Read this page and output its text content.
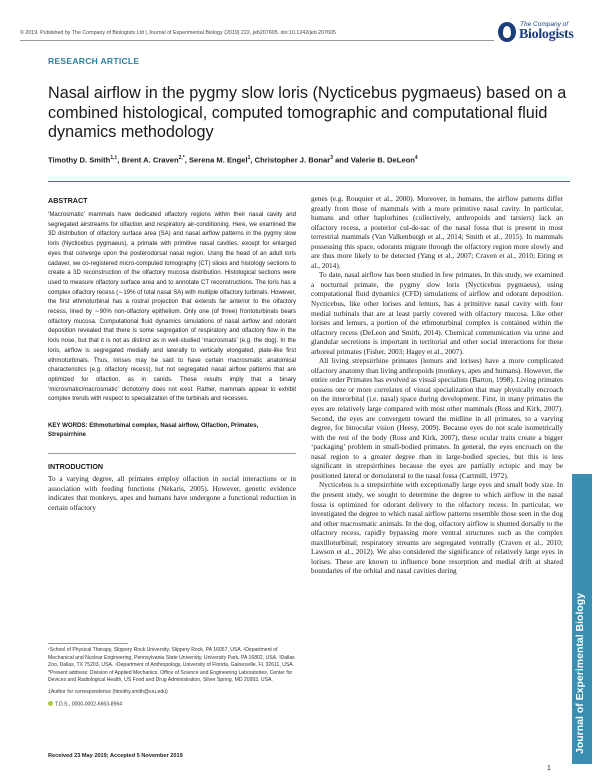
© 2019. Published by The Company of Biologists Ltd | Journal of Experimental Biology (2019) 222, jeb207605. doi:10.1242/jeb.207605
The Company of
Biologists
RESEARCH ARTICLE
Nasal airflow in the pygmy slow loris (Nycticebus pygmaeus) based on a combined histological, computed tomographic and computational fluid dynamics methodology
Timothy D. Smith$^{1,\ddagger}$, Brent A. Craven$^{2,*}$, Serena M. Engel$^1$, Christopher J. Bonar$^3$ and Valerie B. DeLeon$^4$
ABSTRACT

‘Macrosmatic’ mammals have dedicated olfactory regions within their nasal cavity and segregated airstreams for olfaction and respiratory air-conditioning. Here, we examined the 3D distribution of olfactory surface area (SA) and nasal airflow patterns in the pygmy slow loris (Nycticebus pygmaeus), a primate with primitive nasal cavities, except for enlarged eyes that converge upon the posterodorsal nasal region. Using the head of an adult loris cadaver, we co-registered micro-computed tomography (CT) slices and histology sections to create a 3D reconstruction of the olfactory mucosa distribution. Histological sections were used to measure olfactory surface area and to annotate CT reconstructions. The loris has a complex olfactory recess (∼19% of total nasal SA) with multiple olfactory turbinals. However, the first ethmoturbinal has a rostral projection that extends far anterior to the olfactory recess, lined by ∼90% non-olfactory epithelium. Only one (of three) frontoturbinals bears olfactory mucosa. Computational fluid dynamics simulations of nasal airflow and odorant deposition revealed that there is some segregation of respiratory and olfactory flow in the loris nose, but that it is not as distinct as in well-studied ‘macrosmats’ (e.g. the dog). In the loris, airflow is segregated medially and laterally to vertically elongated, plate-like first ethmoturbinals. Thus, lorises may be said to have certain macrosmatic anatomical characteristics (e.g. olfactory recess), but not segregated nasal airflow patterns that are optimized for olfaction, as in canids. These results imply that a binary ‘microsmatic/macrosmatic’ dichotomy does not exist. Rather, mammals appear to exhibit complex trends with respect to specialization of the turbinals and recesses.

KEY WORDS: Ethmoturbinal complex, Nasal airflow, Olfaction, Primates, Strepsirrhine
INTRODUCTION

To a varying degree, all primates employ olfaction in social interactions or in association with feeding functions (Nekaris, 2005). However, genetic evidence indicates that monkeys, apes and humans have undergone a functional reduction in certain olfactory

¹School of Physical Therapy, Slippery Rock University, Slippery Rock, PA 16057, USA. ²Department of Mechanical and Nuclear Engineering, Pennsylvania State University, University Park, PA 16802, USA. ³Dallas Zoo, Dallas, TX 75203, USA. ⁴Department of Anthropology, University of Florida, Gainesville, FL 32611, USA. *Present address: Division of Applied Mechanics, Office of Science and Engineering Laboratories, Center for Devices and Radiological Health, US Food and Drug Administration, Silver Spring, MD 20993, USA.

‡Author for correspondence (timothy.smith@sru.edu)

T.D.S., 0000-0002-6663-8964

Received 23 May 2019; Accepted 5 November 2019

genes (e.g. Rouquier et al., 2000). Moreover, in humans, the airflow patterns differ greatly from those of mammals with a more primitive nasal cavity. In particular, humans and other haplorhines (collectively, anthropoids and tarsiers) lack an olfactory recess, a posterior cul-de-sac of the nasal fossa that is present in most terrestrial mammals (Van Valkenburgh et al., 2014; Smith et al., 2015). In mammals possessing this space, odorants migrate through the olfactory region more slowly and are thus more likely to be detected (Yang et al., 2007; Craven et al., 2010; Eiting et al., 2014).

To date, nasal airflow has been studied in few primates. In this study, we examined a nocturnal primate, the pygmy slow loris (Nycticebus pygmaeus), using computational fluid dynamics (CFD) simulations of airflow and odorant deposition. Nycticebus, like other lorises and lemurs, has a primitive nasal cavity with four medial turbinals that are at least partly covered with olfactory mucosa. Like other lorises and lemurs, a portion of the ethmoturbinal complex is contained within the olfactory recess (DeLeon and Smith, 2014). Chemical communication via urine and glandular secretions is important in territorial and other social interactions for these arboreal primates (Fisher, 2003; Hagey et al., 2007).

All living strepsirrhine primates (lemurs and lorises) have a more complicated olfactory anatomy than living anthropoids (monkeys, apes and humans). However, the entire order Primates has evolved as visual specialists (Barton, 1998). Living primates possess one or more correlates of visual specialization that may physically encroach on the interorbital (i.e. nasal) space during development. First, in many primates the eyes are relatively large compared with most other mammals (Ross and Kirk, 2007). Second, the eyes are convergent toward the midline in all primates, to a varying degree, for binocular vision (Heesy, 2009). Because eyes do not scale isometrically with the rest of the body (Ross and Kirk, 2007), these ocular traits create a bigger ‘packaging’ problem in small-bodied primates. In general, the eyes encroach on the nasal region to a greater degree than in large-bodied species, but this is less significant in strepsirrhines because the eyes are partially ectopic and may be positioned lateral or dorsolateral to the nasal fossa (Cartmill, 1972).

Nycticebus is a strepsirrhine with exceptionally large eyes and small body size. In the present study, we sought to determine the degree to which airflow in the nasal fossa is optimized for odorant delivery to the olfactory recess. In particular, we investigated the degree to which nasal airflow patterns resemble those seen in the dog and other macrosmatic animals. In the dog, olfactory airflow is shunted dorsally to the olfactory recess, rapidly bypassing more ventral structures such as the complex maxilloturbinal; respiratory streams are segregated ventrally (Craven et al., 2010; Lawson et al., 2012). We also considered the significance of relatively large eyes in lorises. These are known to influence bone resorption and medial drift at shared boundaries of the orbital and nasal cavities during

Journal of Experimental Biology
1
